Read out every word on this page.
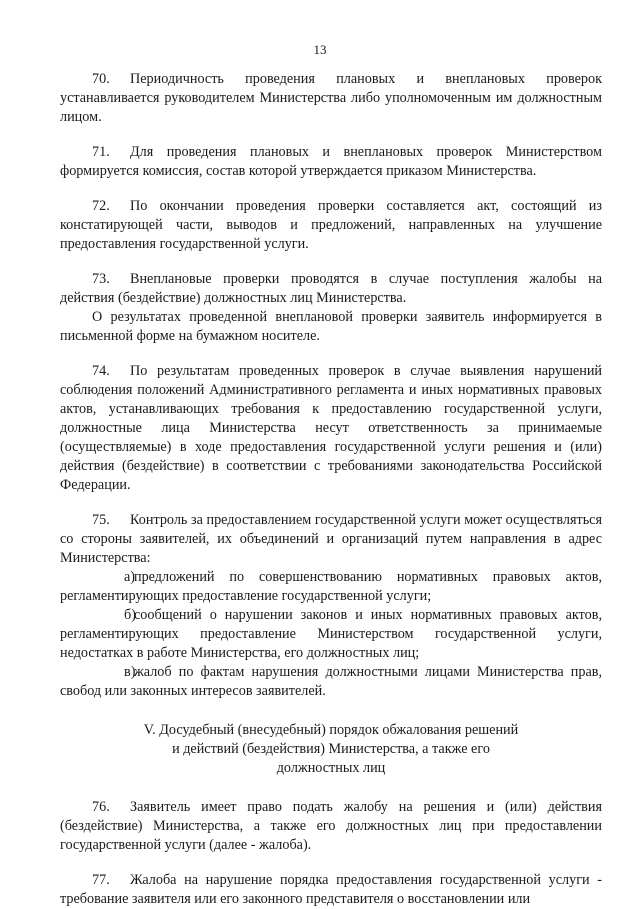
13

70. Периодичность проведения плановых и внеплановых проверок устанавливается руководителем Министерства либо уполномоченным им должностным лицом.

71. Для проведения плановых и внеплановых проверок Министерством формируется комиссия, состав которой утверждается приказом Министерства.

72. По окончании проведения проверки составляется акт, состоящий из констатирующей части, выводов и предложений, направленных на улучшение предоставления государственной услуги.

73. Внеплановые проверки проводятся в случае поступления жалобы на действия (бездействие) должностных лиц Министерства.

О результатах проведенной внеплановой проверки заявитель информируется в письменной форме на бумажном носителе.

74. По результатам проведенных проверок в случае выявления нарушений соблюдения положений Административного регламента и иных нормативных правовых актов, устанавливающих требования к предоставлению государственной услуги, должностные лица Министерства несут ответственность за принимаемые (осуществляемые) в ходе предоставления государственной услуги решения и (или) действия (бездействие) в соответствии с требованиями законодательства Российской Федерации.

75. Контроль за предоставлением государственной услуги может осуществляться со стороны заявителей, их объединений и организаций путем направления в адрес Министерства:

а)предложений по совершенствованию нормативных правовых актов, регламентирующих предоставление государственной услуги;

б)сообщений о нарушении законов и иных нормативных правовых актов, регламентирующих предоставление Министерством государственной услуги, недостатках в работе Министерства, его должностных лиц;

в)жалоб по фактам нарушения должностными лицами Министерства прав, свобод или законных интересов заявителей.

V. Досудебный (внесудебный) порядок обжалования решений
и действий (бездействия) Министерства, а также его
должностных лиц

76. Заявитель имеет право подать жалобу на решения и (или) действия (бездействие) Министерства, а также его должностных лиц при предоставлении государственной услуги (далее - жалоба).

77. Жалоба на нарушение порядка предоставления государственной услуги - требование заявителя или его законного представителя о восстановлении или
